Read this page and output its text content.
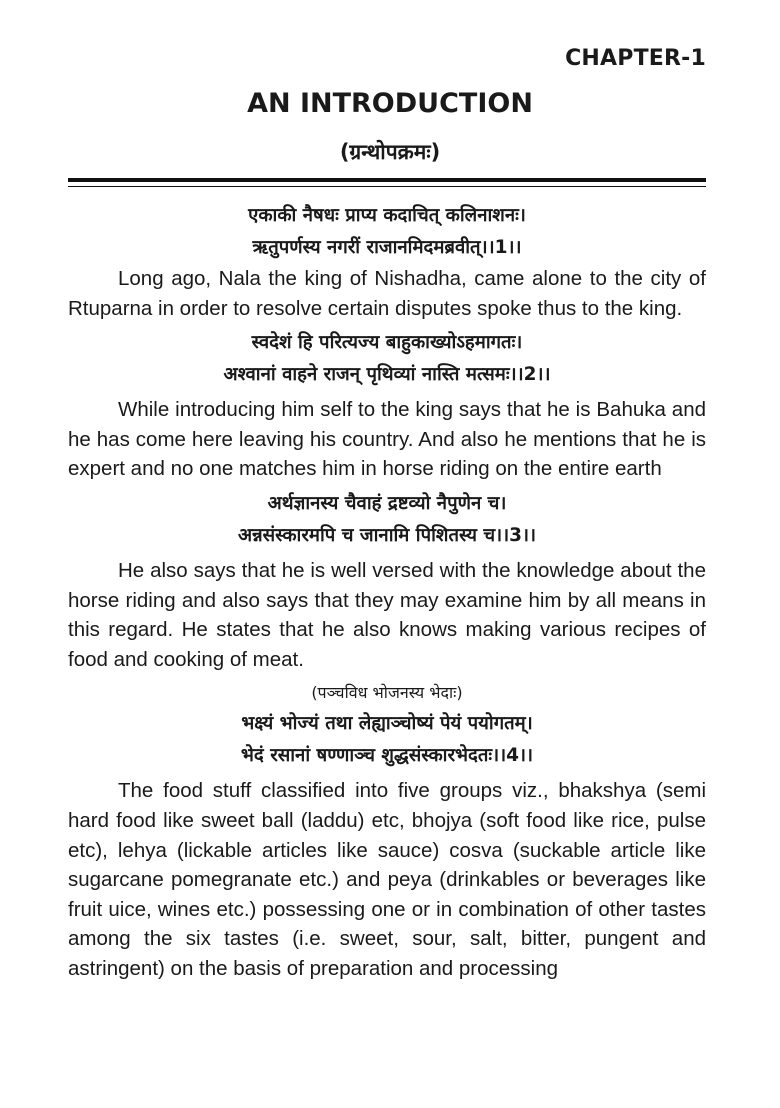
CHAPTER-1
AN INTRODUCTION
(ग्रन्थोपक्रमः)

एकाकी नैषधः प्राप्य कदाचित् कलिनाशनः।

ऋतुपर्णस्य नगरीं राजानमिदमब्रवीत्।।1।।

Long ago, Nala the king of Nishadha, came alone to the city of Rtuparna in order to resolve certain disputes spoke thus to the king.

स्वदेशं हि परित्यज्य बाहुकाख्योऽहमागतः।

अश्वानां वाहने राजन् पृथिव्यां नास्ति मत्समः।।2।।

While introducing him self to the king says that he is Bahuka and he has come here leaving his country. And also he mentions that he is expert and no one matches him in horse riding on the entire earth

अर्थज्ञानस्य चैवाहं द्रष्टव्यो नैपुणेन च।

अन्नसंस्कारमपि च जानामि पिशितस्य च।।3।।

He also says that he is well versed with the knowledge about the horse riding and also says that they may examine him by all means in this regard. He states that he also knows making various recipes of food and cooking of meat.

(पञ्चविध भोजनस्य भेदाः)

भक्ष्यं भोज्यं तथा लेह्याञ्चोष्यं पेयं पयोगतम्।

भेदं रसानां षण्णाञ्च शुद्धसंस्कारभेदतः।।4।।

The food stuff classified into five groups viz., bhakshya (semi hard food like sweet ball (laddu) etc, bhojya (soft food like rice, pulse etc), lehya (lickable articles like sauce) cosva (suckable article like sugarcane pomegranate etc.) and peya (drinkables or beverages like fruit uice, wines etc.) possessing one or in combination of other tastes among the six tastes (i.e. sweet, sour, salt, bitter, pungent and astringent) on the basis of preparation and processing
